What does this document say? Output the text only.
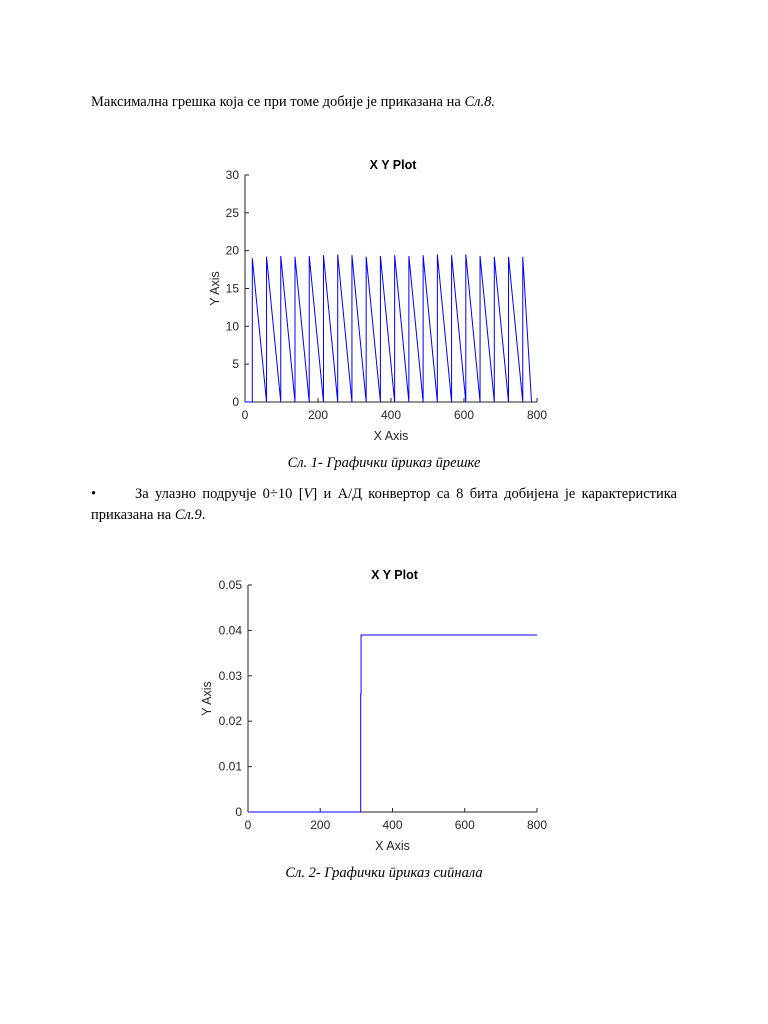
Максимална грешка која се при томе добије је приказана на Сл.8.
X Y Plot
0	200	400	600	800
0
5
10
15
20
25
30
X Axis
Y Axis
Сл. 1- Графички ӣриказ ӣрешке
•	За улазно подручје 0÷10 [V] и А/Д конвертор са 8 бита добијена је карактеристика приказана на Сл.9.
X Y Plot
0	200	400	600	800
0
0.01
0.02
0.03
0.04
0.05
X Axis
Y Axis
Сл. 2- Графички ӣриказ сиӣнала
